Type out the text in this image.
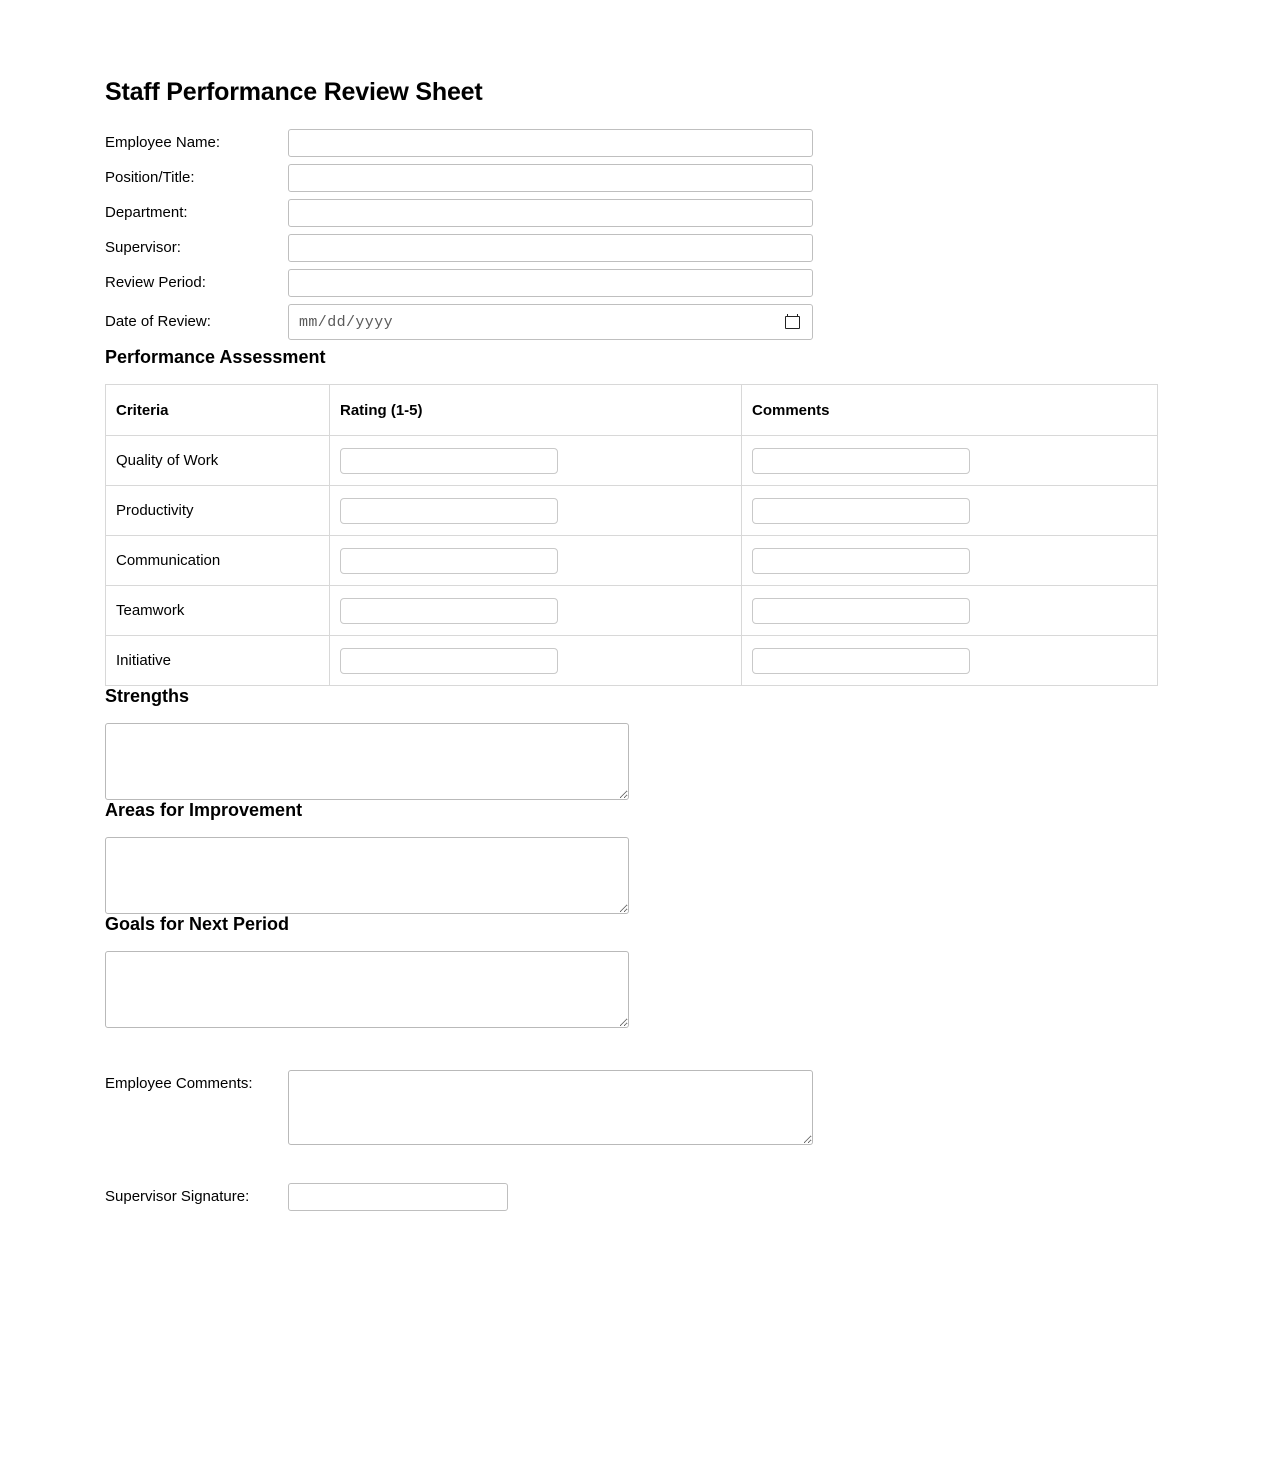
Staff Performance Review Sheet
Employee Name:
Position/Title:
Department:
Supervisor:
Review Period:
Date of Review:	mm/dd/yyyy
Performance Assessment
Criteria	Rating (1-5)	Comments
Quality of Work		
Productivity		
Communication		
Teamwork		
Initiative		
Strengths
Areas for Improvement
Goals for Next Period
Employee Comments:
Supervisor Signature:
